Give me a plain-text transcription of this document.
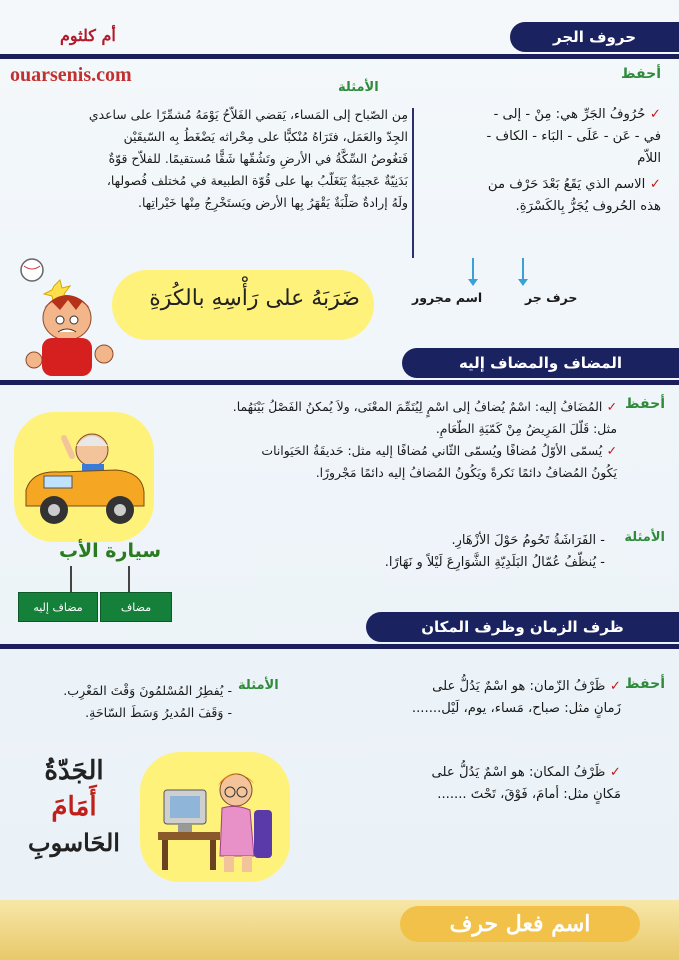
أم كلثوم	حروف الجر
ouarsenis.com	أحفظ
الأمثلة
✓ حُرُوفُ الجَرِّ هي: مِنْ - إلى -
في - عَن - عَلَى - البَاء - الكاف -
اللاّم
✓ الاسم الذي يَقَعُ بَعْدَ حَرْف من
هذه الحُروف يُجَرُّ بِالكَسْرَةِ.
مِن الصّباح إلى المَساء، يَقضي الفَلاّحُ يَوْمَهُ مُشمِّرًا على ساعدي
الجِدّ والعَمَل، فتَرَاهُ مُنْكبًّا على مِحْراثه يَضْغَطُ بِه السّيقَيْن
فَتغُوصُ السِّكَّةُ في الأرضِ وتَشُقّها شَقًّا مُستقيمًا. للفلاّح قوّةٌ
بَدَنِيّةٌ عَجيبَةٌ يَتَغَلّبُ بها على قُوّة الطبيعة في مُختلف فُصولها،
ولَهُ إرادةٌ صَلْبَةٌ يَقْهَرُ بِها الأرض ويَستَخْرِجُ مِنْها خَيْراتِها.
ضَرَبَهُ على رَأْسِهِ بالكُرَةِ	حرف جر
اسم مجرور
المضاف والمضاف إليه
أحفظ
✓ المُضَافُ إليه: اسْمٌ يُضافُ إلى اسْمٍ لِيُتَمِّمَ المعْنَى، ولاَ يُمكنُ الفَصْلُ بَيْنَهُما.
مثل: قَلّلَ المَرِيضُ مِنْ كَمّيَةِ الطّعَامِ.
✓ يُسمّى الأوّلُ مُضافًا ويُسمّى الثّاني مُضافًا إليه مثل: حَديقَةُ الحَيَوانات
يَكُونُ المُضافُ دائمًا نَكرةً ويَكُونُ المُضافُ إليه دائمًا مَجْرورًا.
سيارة الأب
مضاف
مضاف إليه
الأمثلة
- الفَرَاشَةُ تَحُومُ حَوْلَ الأزْهَارِ.
- يُنظّفُ عُمّالُ البَلَدِيّةِ الشَّوَارِعَ لَيْلاً و نَهَارًا.
ظرف الزمان وظرف المكان
أحفظ
✓ ظَرْفُ الزّمان: هو اسْمٌ يَدُلُّ على
زَمانٍ مثل: صباح، مَساء، يوم، لَيْل.......
✓ ظَرْفُ المكان: هو اسْمٌ يَدُلُّ على
مَكانٍ مثل: أمامَ، فَوْقَ، تَحْتَ .......
الأمثلة
- يُفطِرُ المُسْلمُونَ وَقْتَ المَغْرِب.
- وَقَفَ المُديرُ وَسَطَ السّاحَةِ.
الجَدّةُ
أَمَامَ
الحَاسوبِ
اسم فعل حرف
